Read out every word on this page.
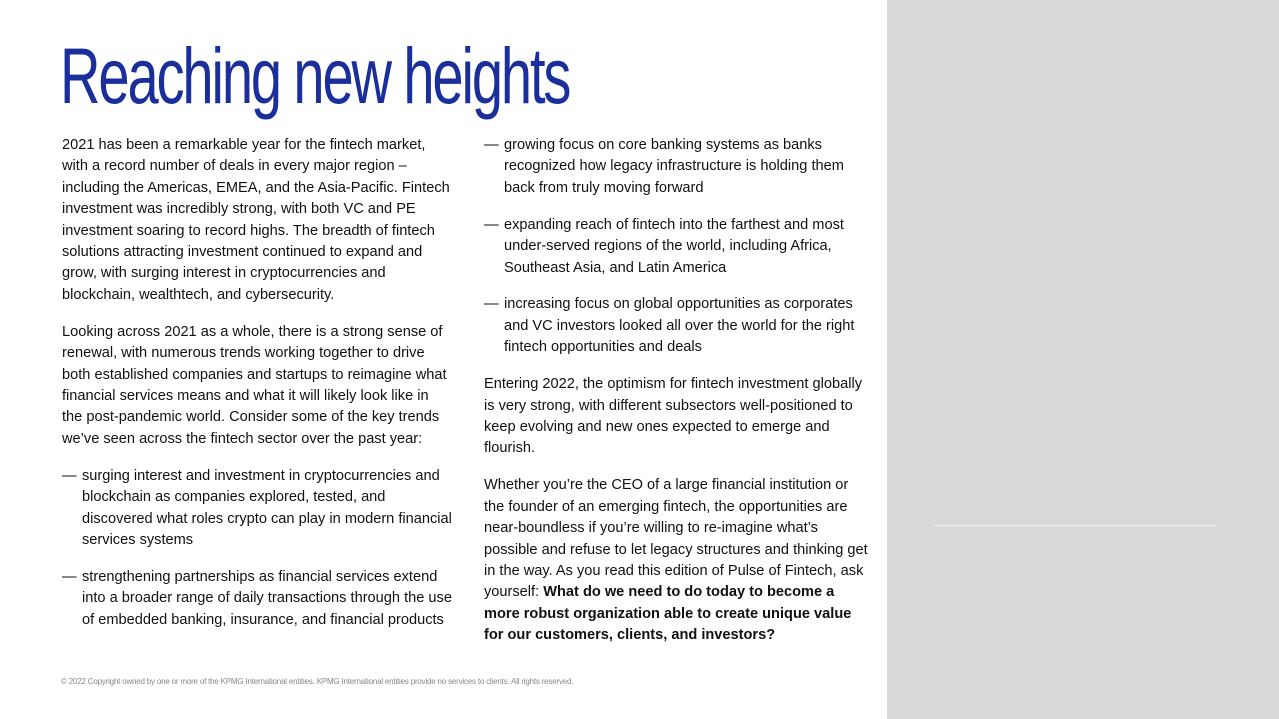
Reaching new heights

2021 has been a remarkable year for the fintech market, with a record number of deals in every major region – including the Americas, EMEA, and the Asia-Pacific. Fintech investment was incredibly strong, with both VC and PE investment soaring to record highs. The breadth of fintech solutions attracting investment continued to expand and grow, with surging interest in cryptocurrencies and blockchain, wealthtech, and cybersecurity.

Looking across 2021 as a whole, there is a strong sense of renewal, with numerous trends working together to drive both established companies and startups to reimagine what financial services means and what it will likely look like in the post-pandemic world. Consider some of the key trends we’ve seen across the fintech sector over the past year:

— surging interest and investment in cryptocurrencies and blockchain as companies explored, tested, and discovered what roles crypto can play in modern financial services systems
— strengthening partnerships as financial services extend into a broader range of daily transactions through the use of embedded banking, insurance, and financial products
— growing focus on core banking systems as banks recognized how legacy infrastructure is holding them back from truly moving forward
— expanding reach of fintech into the farthest and most under-served regions of the world, including Africa, Southeast Asia, and Latin America
— increasing focus on global opportunities as corporates and VC investors looked all over the world for the right fintech opportunities and deals

Entering 2022, the optimism for fintech investment globally is very strong, with different subsectors well-positioned to keep evolving and new ones expected to emerge and flourish.

Whether you’re the CEO of a large financial institution or the founder of an emerging fintech, the opportunities are near-boundless if you’re willing to re-imagine what’s possible and refuse to let legacy structures and thinking get in the way. As you read this edition of Pulse of Fintech, ask yourself: What do we need to do today to become a more robust organization able to create unique value for our customers, clients, and investors?

© 2022 Copyright owned by one or more of the KPMG International entities. KPMG International entities provide no services to clients. All rights reserved.
